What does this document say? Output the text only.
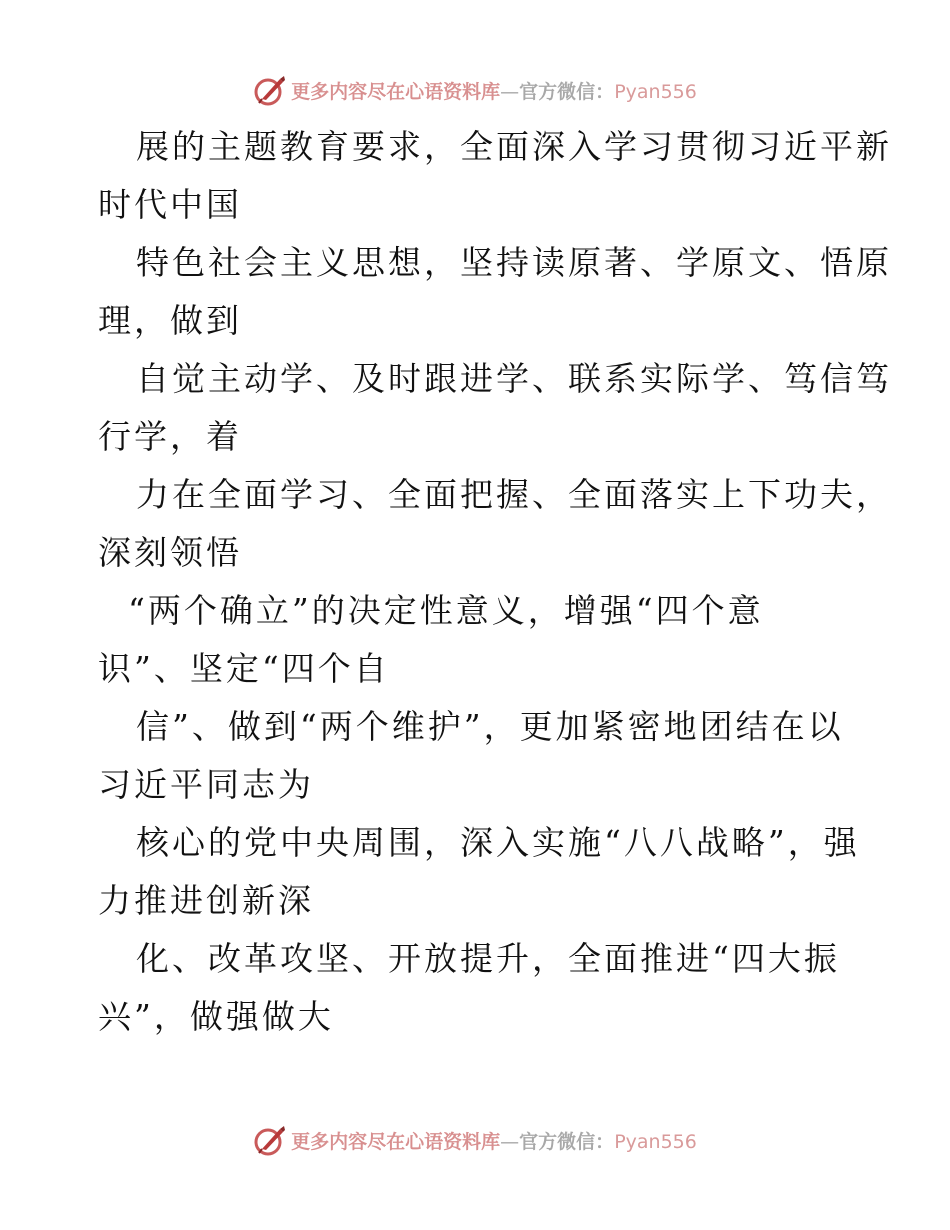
更多内容尽在心语资料库—官方微信：Pyan556
展的主题教育要求，全面深入学习贯彻习近平新
时代中国
特色社会主义思想，坚持读原著、学原文、悟原
理，做到
自觉主动学、及时跟进学、联系实际学、笃信笃
行学，着
力在全面学习、全面把握、全面落实上下功夫，
深刻领悟
“两个确立”的决定性意义，增强“四个意
识”、坚定“四个自
信”、做到“两个维护”，更加紧密地团结在以
习近平同志为
核心的党中央周围，深入实施“八八战略”，强
力推进创新深
化、改革攻坚、开放提升，全面推进“四大振
兴”，做强做大
更多内容尽在心语资料库—官方微信：Pyan556
